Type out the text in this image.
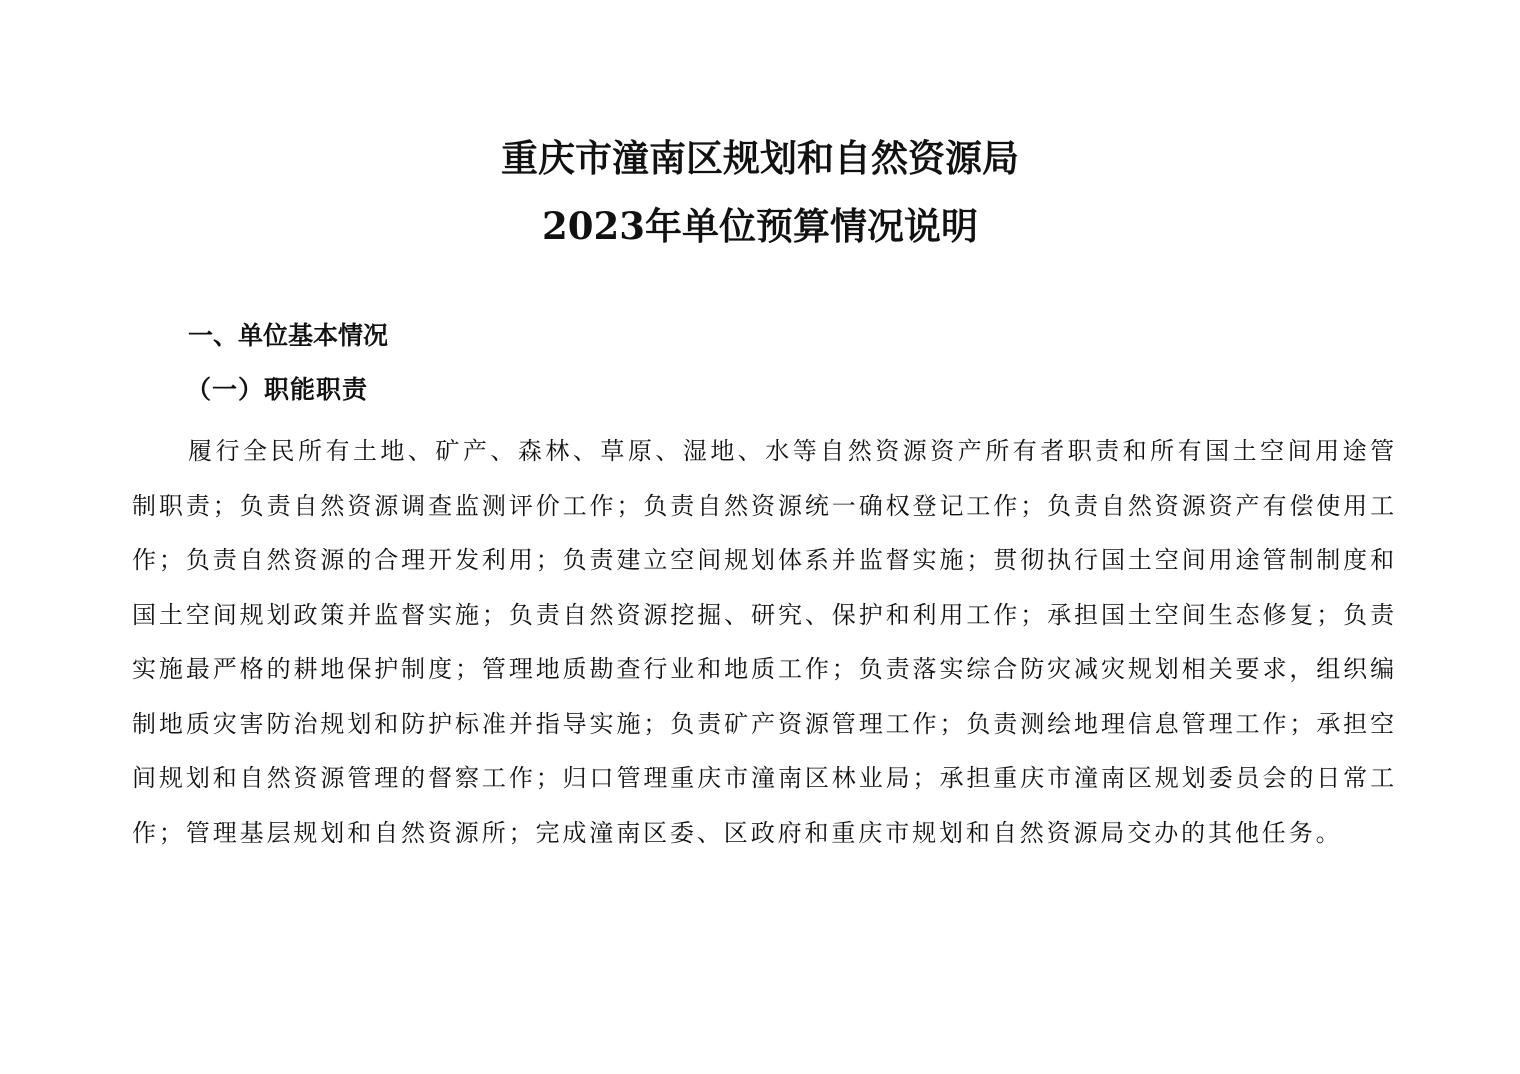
重庆市潼南区规划和自然资源局
2023年单位预算情况说明
一、单位基本情况
（一）职能职责

履行全民所有土地、矿产、森林、草原、湿地、水等自然资源资产所有者职责和所有国土空间用途管制职责；负责自然资源调查监测评价工作；负责自然资源统一确权登记工作；负责自然资源资产有偿使用工作；负责自然资源的合理开发利用；负责建立空间规划体系并监督实施；贯彻执行国土空间用途管制制度和国土空间规划政策并监督实施；负责自然资源挖掘、研究、保护和利用工作；承担国土空间生态修复；负责实施最严格的耕地保护制度；管理地质勘查行业和地质工作；负责落实综合防灾减灾规划相关要求，组织编制地质灾害防治规划和防护标准并指导实施；负责矿产资源管理工作；负责测绘地理信息管理工作；承担空间规划和自然资源管理的督察工作；归口管理重庆市潼南区林业局；承担重庆市潼南区规划委员会的日常工作；管理基层规划和自然资源所；完成潼南区委、区政府和重庆市规划和自然资源局交办的其他任务。
